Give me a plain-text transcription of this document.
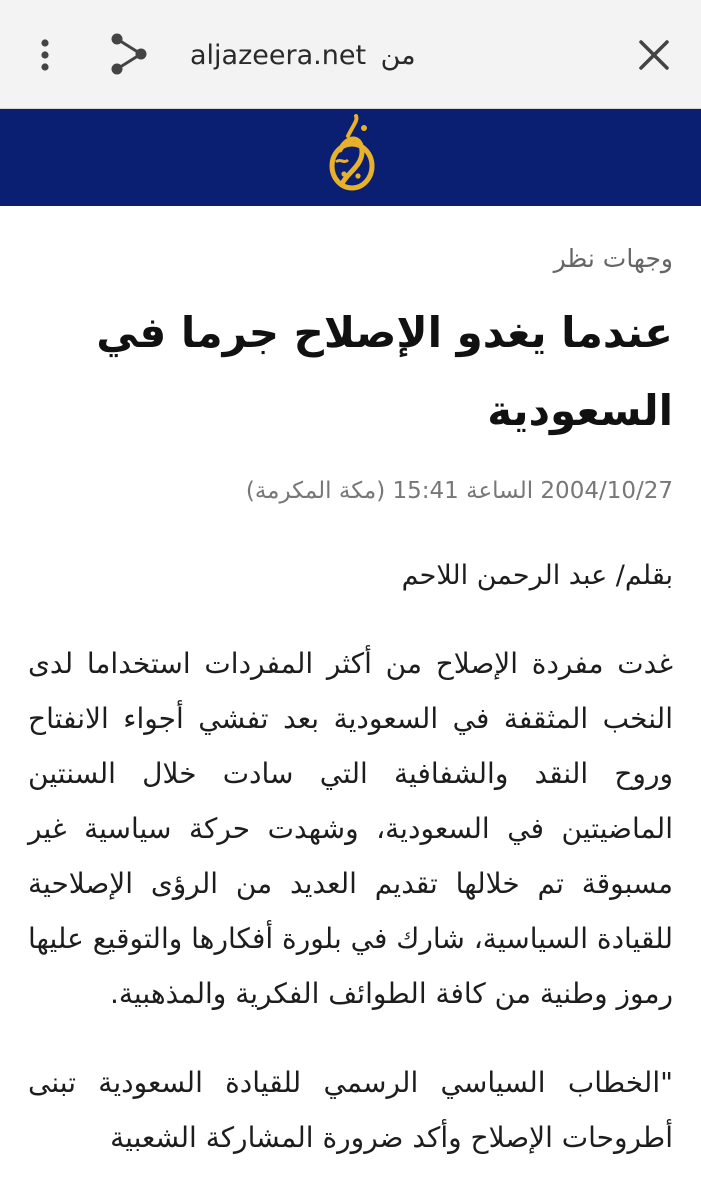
aljazeera.net من
وجهات نظر
عندما يغدو الإصلاح جرما في السعودية
2004/10/27 الساعة 15:41 (مكة المكرمة)
بقلم/ عبد الرحمن اللاحم

غدت مفردة الإصلاح من أكثر المفردات استخداما لدى النخب المثقفة في السعودية بعد تفشي أجواء الانفتاح وروح النقد والشفافية التي سادت خلال السنتين الماضيتين في السعودية، وشهدت حركة سياسية غير مسبوقة تم خلالها تقديم العديد من الرؤى الإصلاحية للقيادة السياسية، شارك في بلورة أفكارها والتوقيع عليها رموز وطنية من كافة الطوائف الفكرية والمذهبية.

"الخطاب السياسي الرسمي للقيادة السعودية تبنى أطروحات الإصلاح وأكد ضرورة المشاركة الشعبية
